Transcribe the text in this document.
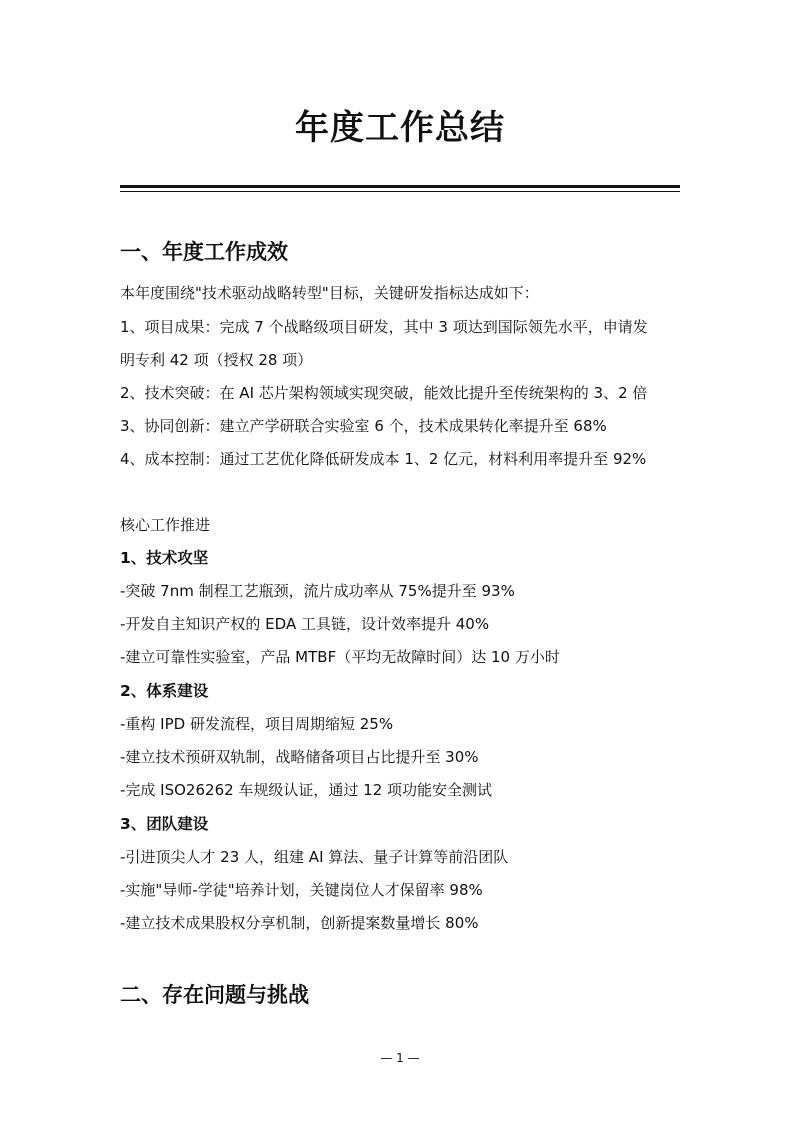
年度工作总结
一、年度工作成效
本年度围绕"技术驱动战略转型"目标，关键研发指标达成如下：
1、项目成果：完成 7 个战略级项目研发，其中 3 项达到国际领先水平，申请发
明专利 42 项（授权 28 项）
2、技术突破：在 AI 芯片架构领域实现突破，能效比提升至传统架构的 3、2 倍
3、协同创新：建立产学研联合实验室 6 个，技术成果转化率提升至 68%
4、成本控制：通过工艺优化降低研发成本 1、2 亿元，材料利用率提升至 92%
核心工作推进
1、技术攻坚
-突破 7nm 制程工艺瓶颈，流片成功率从 75%提升至 93%
-开发自主知识产权的 EDA 工具链，设计效率提升 40%
-建立可靠性实验室，产品 MTBF（平均无故障时间）达 10 万小时
2、体系建设
-重构 IPD 研发流程，项目周期缩短 25%
-建立技术预研双轨制，战略储备项目占比提升至 30%
-完成 ISO26262 车规级认证，通过 12 项功能安全测试
3、团队建设
-引进顶尖人才 23 人，组建 AI 算法、量子计算等前沿团队
-实施"导师-学徒"培养计划，关键岗位人才保留率 98%
-建立技术成果股权分享机制，创新提案数量增长 80%
二、存在问题与挑战
— 1 —
